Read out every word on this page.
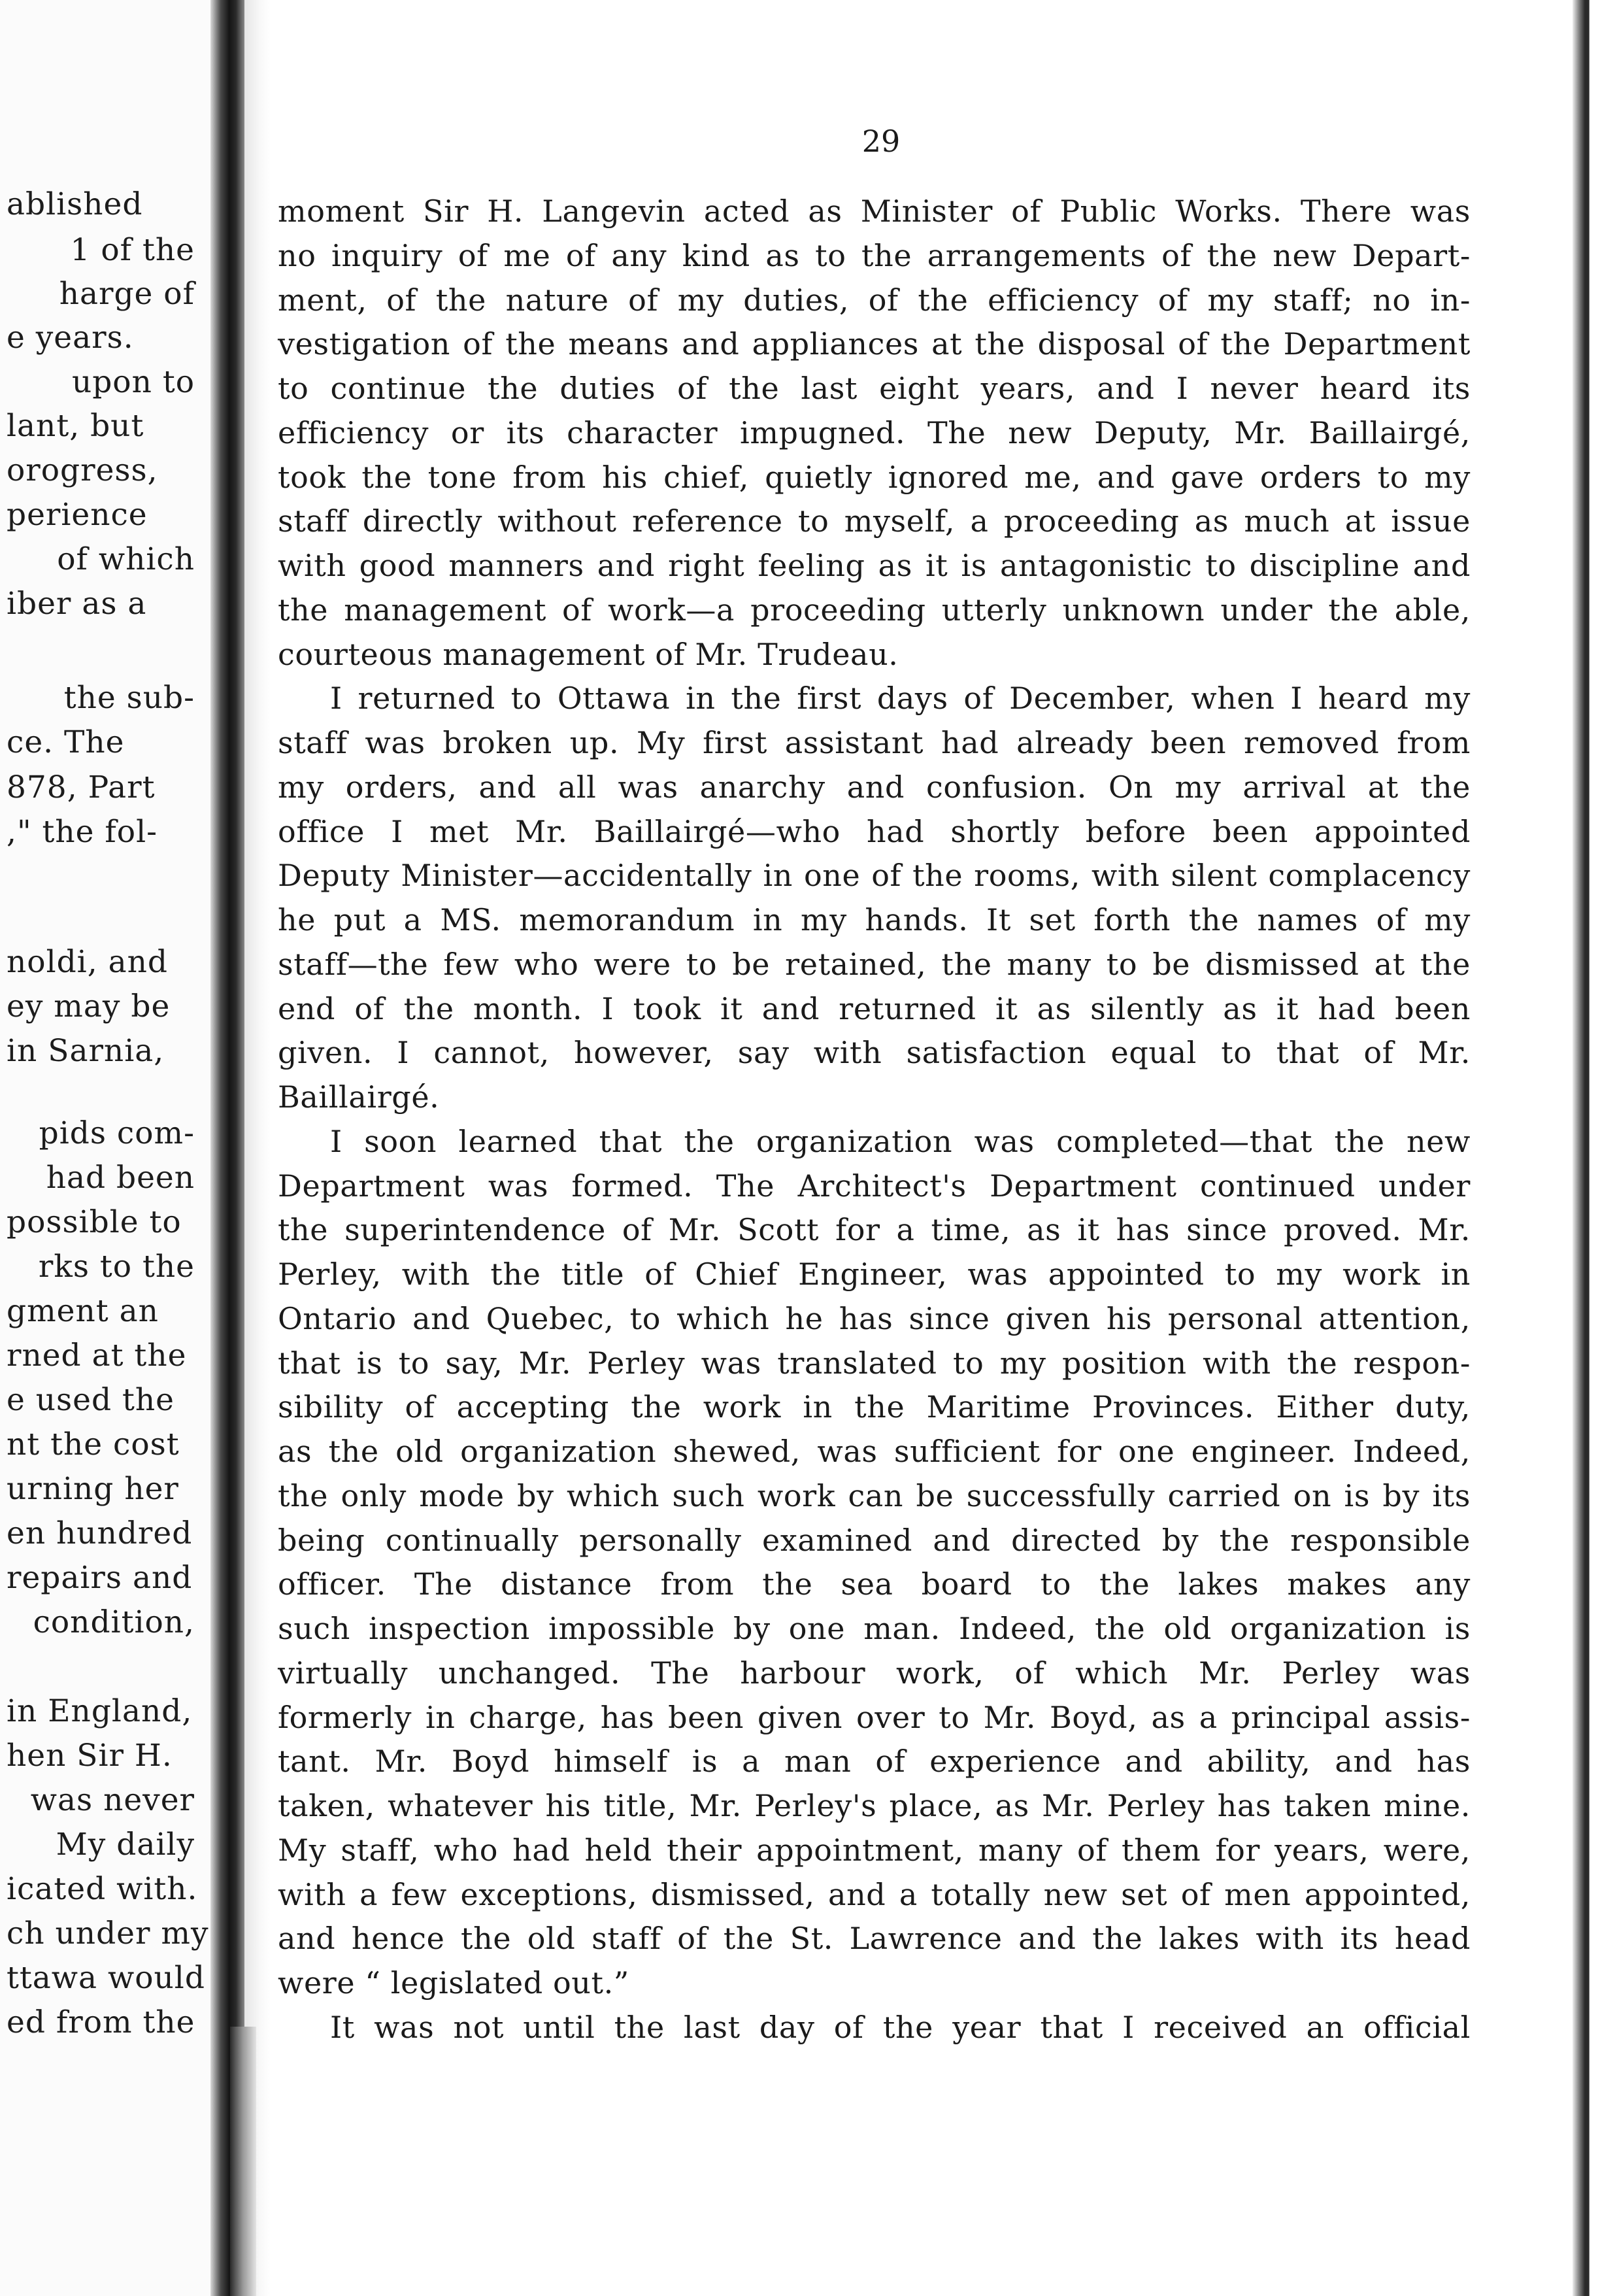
ablished
1 of the
harge of
e years.
upon to
lant, but
orogress,
perience
of which
iber as a
the sub-
ce. The
878, Part
," the fol-
noldi, and
ey may be
in Sarnia,
pids com-
had been
possible to
rks to the
gment an
rned at the
e used the
nt the cost
urning her
en hundred
repairs and
condition,
in England,
hen Sir H.
was never
My daily
icated with.
ch under my
ttawa would
ed from the
29
moment Sir H. Langevin acted as Minister of Public Works. There was
no inquiry of me of any kind as to the arrangements of the new Depart-
ment, of the nature of my duties, of the efficiency of my staff; no in-
vestigation of the means and appliances at the disposal of the Department
to continue the duties of the last eight years, and I never heard its
efficiency or its character impugned. The new Deputy, Mr. Baillairgé,
took the tone from his chief, quietly ignored me, and gave orders to my
staff directly without reference to myself, a proceeding as much at issue
with good manners and right feeling as it is antagonistic to discipline and
the management of work—a proceeding utterly unknown under the able,
courteous management of Mr. Trudeau.
I returned to Ottawa in the first days of December, when I heard my
staff was broken up. My first assistant had already been removed from
my orders, and all was anarchy and confusion. On my arrival at the
office I met Mr. Baillairgé—who had shortly before been appointed
Deputy Minister—accidentally in one of the rooms, with silent complacency
he put a MS. memorandum in my hands. It set forth the names of my
staff—the few who were to be retained, the many to be dismissed at the
end of the month. I took it and returned it as silently as it had been
given. I cannot, however, say with satisfaction equal to that of Mr.
Baillairgé.
I soon learned that the organization was completed—that the new
Department was formed. The Architect's Department continued under
the superintendence of Mr. Scott for a time, as it has since proved. Mr.
Perley, with the title of Chief Engineer, was appointed to my work in
Ontario and Quebec, to which he has since given his personal attention,
that is to say, Mr. Perley was translated to my position with the respon-
sibility of accepting the work in the Maritime Provinces. Either duty,
as the old organization shewed, was sufficient for one engineer. Indeed,
the only mode by which such work can be successfully carried on is by its
being continually personally examined and directed by the responsible
officer. The distance from the sea board to the lakes makes any
such inspection impossible by one man. Indeed, the old organization is
virtually unchanged. The harbour work, of which Mr. Perley was
formerly in charge, has been given over to Mr. Boyd, as a principal assis-
tant. Mr. Boyd himself is a man of experience and ability, and has
taken, whatever his title, Mr. Perley's place, as Mr. Perley has taken mine.
My staff, who had held their appointment, many of them for years, were,
with a few exceptions, dismissed, and a totally new set of men appointed,
and hence the old staff of the St. Lawrence and the lakes with its head
were “ legislated out.”
It was not until the last day of the year that I received an official
